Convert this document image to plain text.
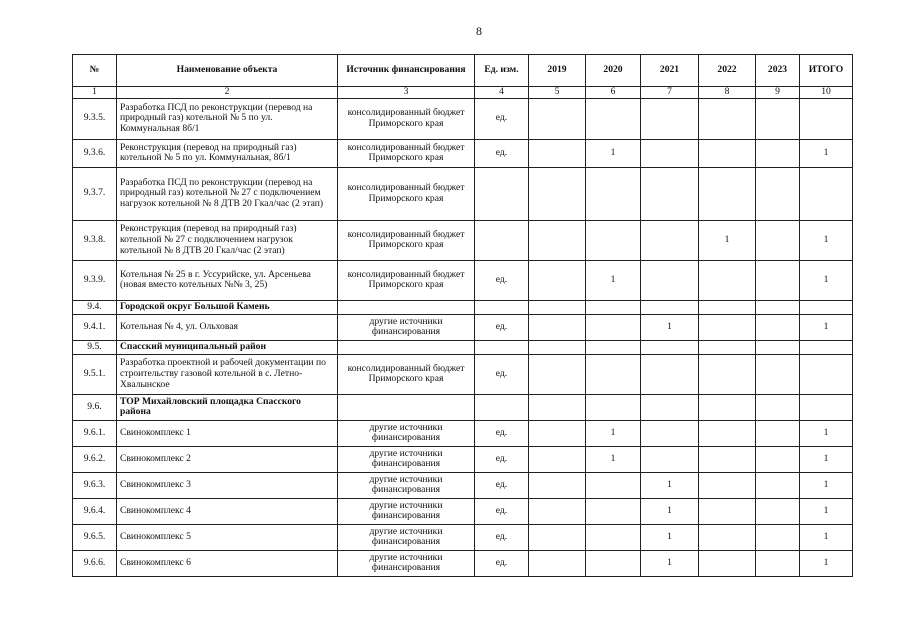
8
№	Наименование объекта	Источник финансирования	Ед. изм.	2019	2020	2021	2022	2023	ИТОГО
1	2	3	4	5	6	7	8	9	10
9.3.5.	Разработка ПСД по реконструкции (перевод на природный газ) котельной № 5 по ул. Коммунальная 8б/1	консолидированный бюджет Приморского края	ед.						
9.3.6.	Реконструкция (перевод на природный газ) котельной № 5 по ул. Коммунальная, 8б/1	консолидированный бюджет Приморского края	ед.		1				1
9.3.7.	Разработка ПСД по реконструкции (перевод на природный газ) котельной № 27 с подключением нагрузок котельной № 8 ДТВ 20 Гкал/час (2 этап)	консолидированный бюджет Приморского края							
9.3.8.	Реконструкция (перевод на природный газ) котельной № 27 с подключением нагрузок котельной № 8 ДТВ 20 Гкал/час (2 этап)	консолидированный бюджет Приморского края					1		1
9.3.9.	Котельная № 25 в г. Уссурийске, ул. Арсеньева (новая вместо котельных №№ 3, 25)	консолидированный бюджет Приморского края	ед.		1				1
9.4.	Городской округ Большой Камень								
9.4.1.	Котельная № 4, ул. Ольховая	другие источники финансирования	ед.			1			1
9.5.	Спасский муниципальный район								
9.5.1.	Разработка проектной и рабочей документации по строительству газовой котельной в с. Летно-Хвалынское	консолидированный бюджет Приморского края	ед.						
9.6.	ТОР Михайловский площадка Спасского района								
9.6.1.	Свинокомплекс 1	другие источники финансирования	ед.		1				1
9.6.2.	Свинокомплекс 2	другие источники финансирования	ед.		1				1
9.6.3.	Свинокомплекс 3	другие источники финансирования	ед.			1			1
9.6.4.	Свинокомплекс 4	другие источники финансирования	ед.			1			1
9.6.5.	Свинокомплекс 5	другие источники финансирования	ед.			1			1
9.6.6.	Свинокомплекс 6	другие источники финансирования	ед.			1			1
